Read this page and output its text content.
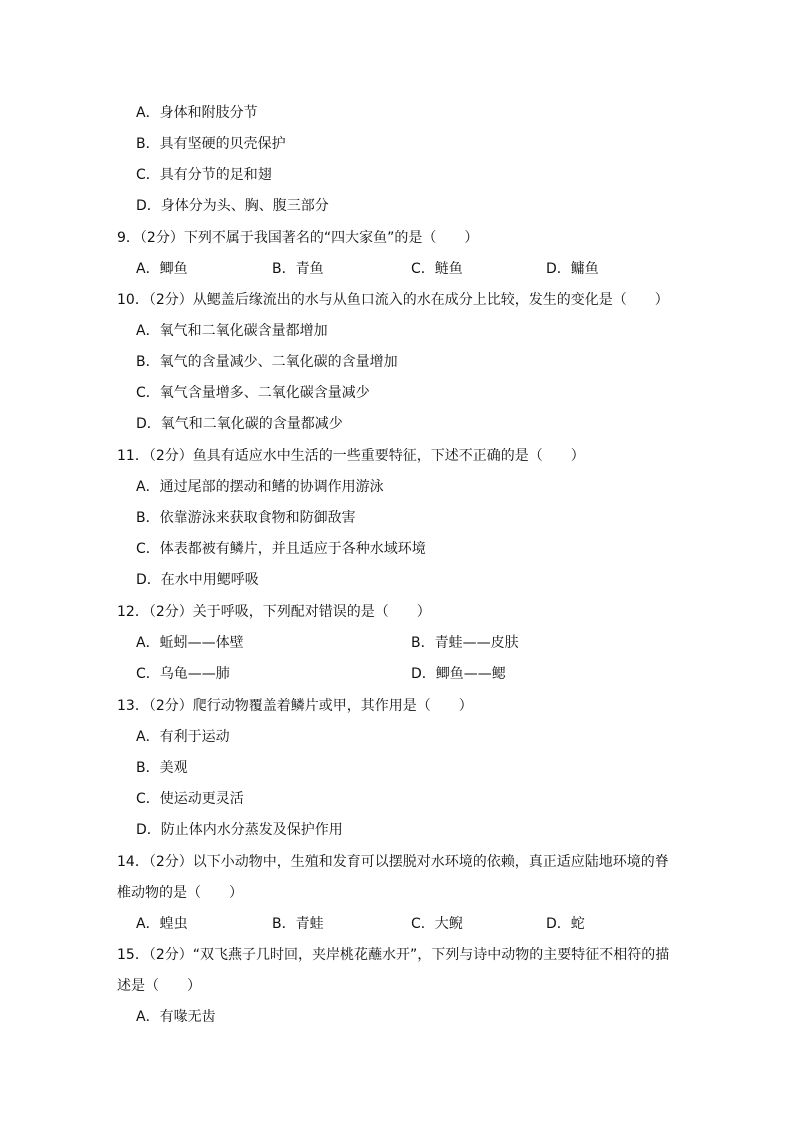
A．身体和附肢分节
B．具有坚硬的贝壳保护
C．具有分节的足和翅
D．身体分为头、胸、腹三部分
9．（2分）下列不属于我国著名的“四大家鱼”的是（　　）
A．鲫鱼	B．青鱼	C．鲢鱼	D．鳙鱼
10．（2分）从鳃盖后缘流出的水与从鱼口流入的水在成分上比较，发生的变化是（　　）
A．氧气和二氧化碳含量都增加
B．氧气的含量减少、二氧化碳的含量增加
C．氧气含量增多、二氧化碳含量减少
D．氧气和二氧化碳的含量都减少
11．（2分）鱼具有适应水中生活的一些重要特征，下述不正确的是（　　）
A．通过尾部的摆动和鳍的协调作用游泳
B．依靠游泳来获取食物和防御敌害
C．体表都被有鳞片，并且适应于各种水域环境
D．在水中用鳃呼吸
12．（2分）关于呼吸，下列配对错误的是（　　）
A．蚯蚓——体壁	B．青蛙——皮肤
C．乌龟——肺	D．鲫鱼——鳃
13．（2分）爬行动物覆盖着鳞片或甲，其作用是（　　）
A．有利于运动
B．美观
C．使运动更灵活
D．防止体内水分蒸发及保护作用
14．（2分）以下小动物中，生殖和发育可以摆脱对水环境的依赖，真正适应陆地环境的脊
椎动物的是（　　）
A．蝗虫	B．青蛙	C．大鲵	D．蛇
15．（2分）“双飞燕子几时回，夹岸桃花蘸水开”，下列与诗中动物的主要特征不相符的描
述是（　　）
A．有喙无齿
